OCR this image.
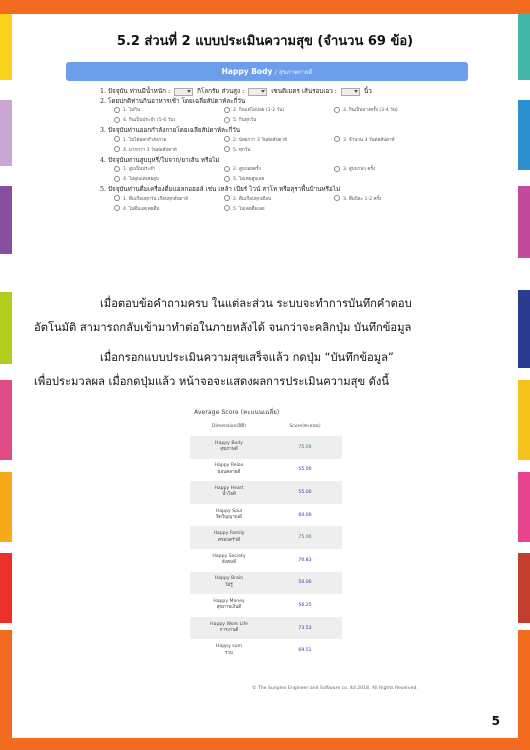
5.2 ส่วนที่ 2 แบบประเมินความสุข (จำนวน 69 ข้อ)
Happy Body / สุขภาพกายดี
1. ปัจจุบัน ท่านมีน้ำหนัก :	กิโลกรัม ส่วนสูง :	เซนติเมตร เส้นรอบเอว :	นิ้ว
2. โดยปกติท่านกินอาหารเช้า โดยเฉลี่ยสัปดาห์ละกี่วัน
1. ไม่กิน	2. กินแต่ไม่บ่อย (1-2 วัน)	3. กินเป็นบางครั้ง (3-4 วัน)
4. กินเป็นประจำ (5-6 วัน)	5. กินทุกวัน
3. ปัจจุบันท่านออกกำลังกายโดยเฉลี่ยสัปดาห์ละกี่วัน
1. ไม่ได้ออกกำลังกาย	2. น้อยกว่า 3 วันต่อสัปดาห์	3. จำนวน 3 วันต่อสัปดาห์
4. มากกว่า 3 วันต่อสัปดาห์	5. ทุกวัน
4. ปัจจุบันท่านสูบบุหรี่/ใบจาก/ยาเส้น หรือไม่
1. สูบเป็นประจำ	2. สูบบ่อยครั้ง	3. สูบนานๆ ครั้ง
4. ไม่สูบแต่เคยสูบ	5. ไม่เคยสูบเลย
5. ปัจจุบันท่านดื่มเครื่องดื่มแอลกอฮอล์ เช่น เหล้า เบียร์ ไวน์ สาโท หรือสุราพื้นบ้านหรือไม่
1. ดื่มเกือบทุกวัน เกือบทุกสัปดาห์	2. ดื่มเกือบทุกเดือน	3. ดื่มปีละ 1-2 ครั้ง
4. ไม่ดื่มแต่เคยดื่ม	5. ไม่เคยดื่มเลย
เมื่อตอบข้อคำถามครบ ในแต่ละส่วน ระบบจะทำการบันทึกคำตอบ
อัตโนมัติ สามารถกลับเข้ามาทำต่อในภายหลังได้ จนกว่าจะคลิกปุ่ม บันทึกข้อมูล
เมื่อกรอกแบบประเมินความสุขเสร็จแล้ว กดปุ่ม “บันทึกข้อมูล”
เพื่อประมวลผล เมื่อกดปุ่มแล้ว หน้าจอจะแสดงผลการประเมินความสุข ดังนี้
Average Score (คะแนนเฉลี่ย)
Dimension(มิติ)	Score(คะแนน)
Happy Body
สุขภาพดี	75.00
Happy Relax
ผ่อนคลายดี	55.00
Happy Heart
น้ำใจดี	55.00
Happy Soul
จิตวิญญาณดี	60.00
Happy Family
ครอบครัวดี	75.00
Happy Society
สังคมดี	70.83
Happy Brain
ใฝ่รู้	50.00
Happy Money
สุขภาพเงินดี	56.25
Happy Work Life
การงานดี	73.53
Happy sum
รวม	69.51
© The Sunplex Engineer and Software co. ltd 2018. All Rights Reserved.
5
